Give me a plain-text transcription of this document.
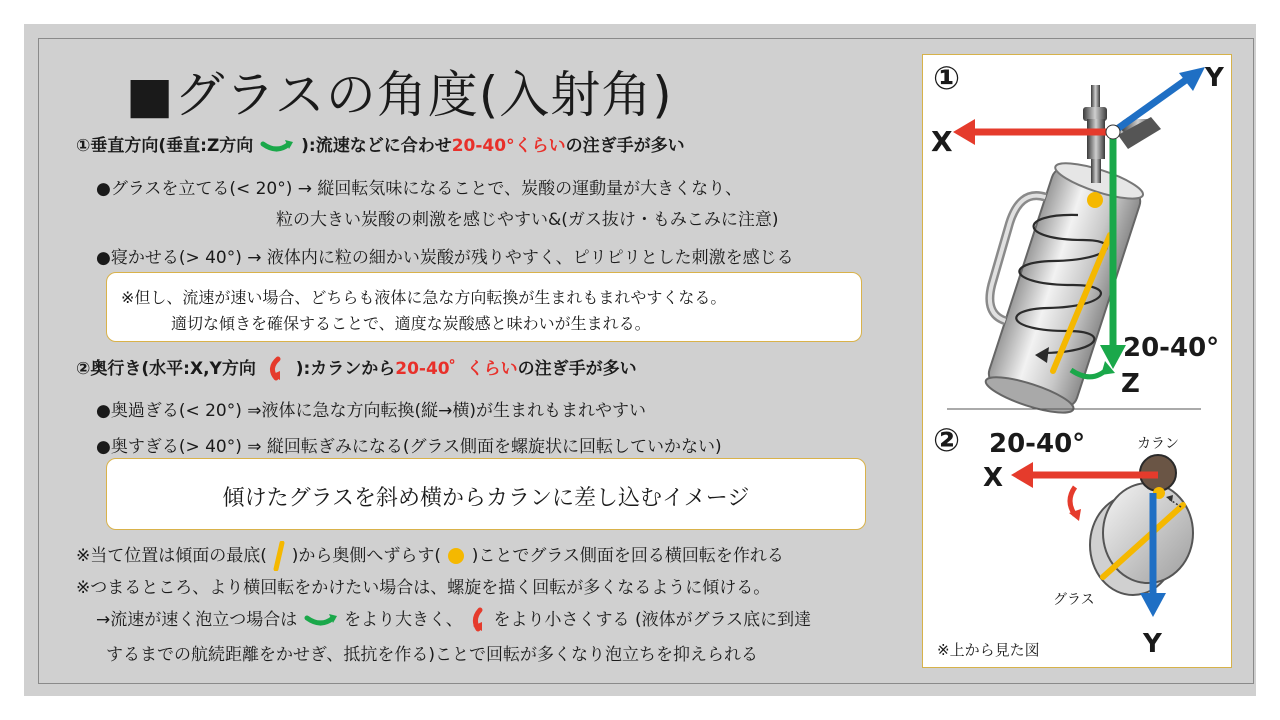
■グラスの角度(入射角)
①垂直方向(垂直:Z方向	):流速などに合わせ20-40°くらいの注ぎ手が多い
●グラスを立てる(< 20°) → 縦回転気味になることで、炭酸の運動量が大きくなり、
粒の大きい炭酸の刺激を感じやすい&(ガス抜け・もみこみに注意)
●寝かせる(> 40°) → 液体内に粒の細かい炭酸が残りやすく、ピリピリとした刺激を感じる
※但し、流速が速い場合、どちらも液体に急な方向転換が生まれもまれやすくなる。
適切な傾きを確保することで、適度な炭酸感と味わいが生まれる。
②奥行き(水平:X,Y方向 ):カランから20-40゜くらいの注ぎ手が多い
●奥過ぎる(< 20°) ⇒液体に急な方向転換(縦→横)が生まれもまれやすい
●奥すぎる(> 40°) ⇒ 縦回転ぎみになる(グラス側面を螺旋状に回転していかない)
傾けたグラスを斜め横からカランに差し込むイメージ
※当て位置は傾面の最底( )から奥側へずらす( )ことでグラス側面を回る横回転を作れる
※つまるところ、より横回転をかけたい場合は、螺旋を描く回転が多くなるように傾ける。
→流速が速く泡立つ場合は	をより大きく、 をより小さくする (液体がグラス底に到達
するまでの航続距離をかせぎ、抵抗を作る)ことで回転が多くなり泡立ちを抑えられる
①
X
Y
20-40°
Z
② 20-40°	カラン
X
グラス
Y
※上から見た図
